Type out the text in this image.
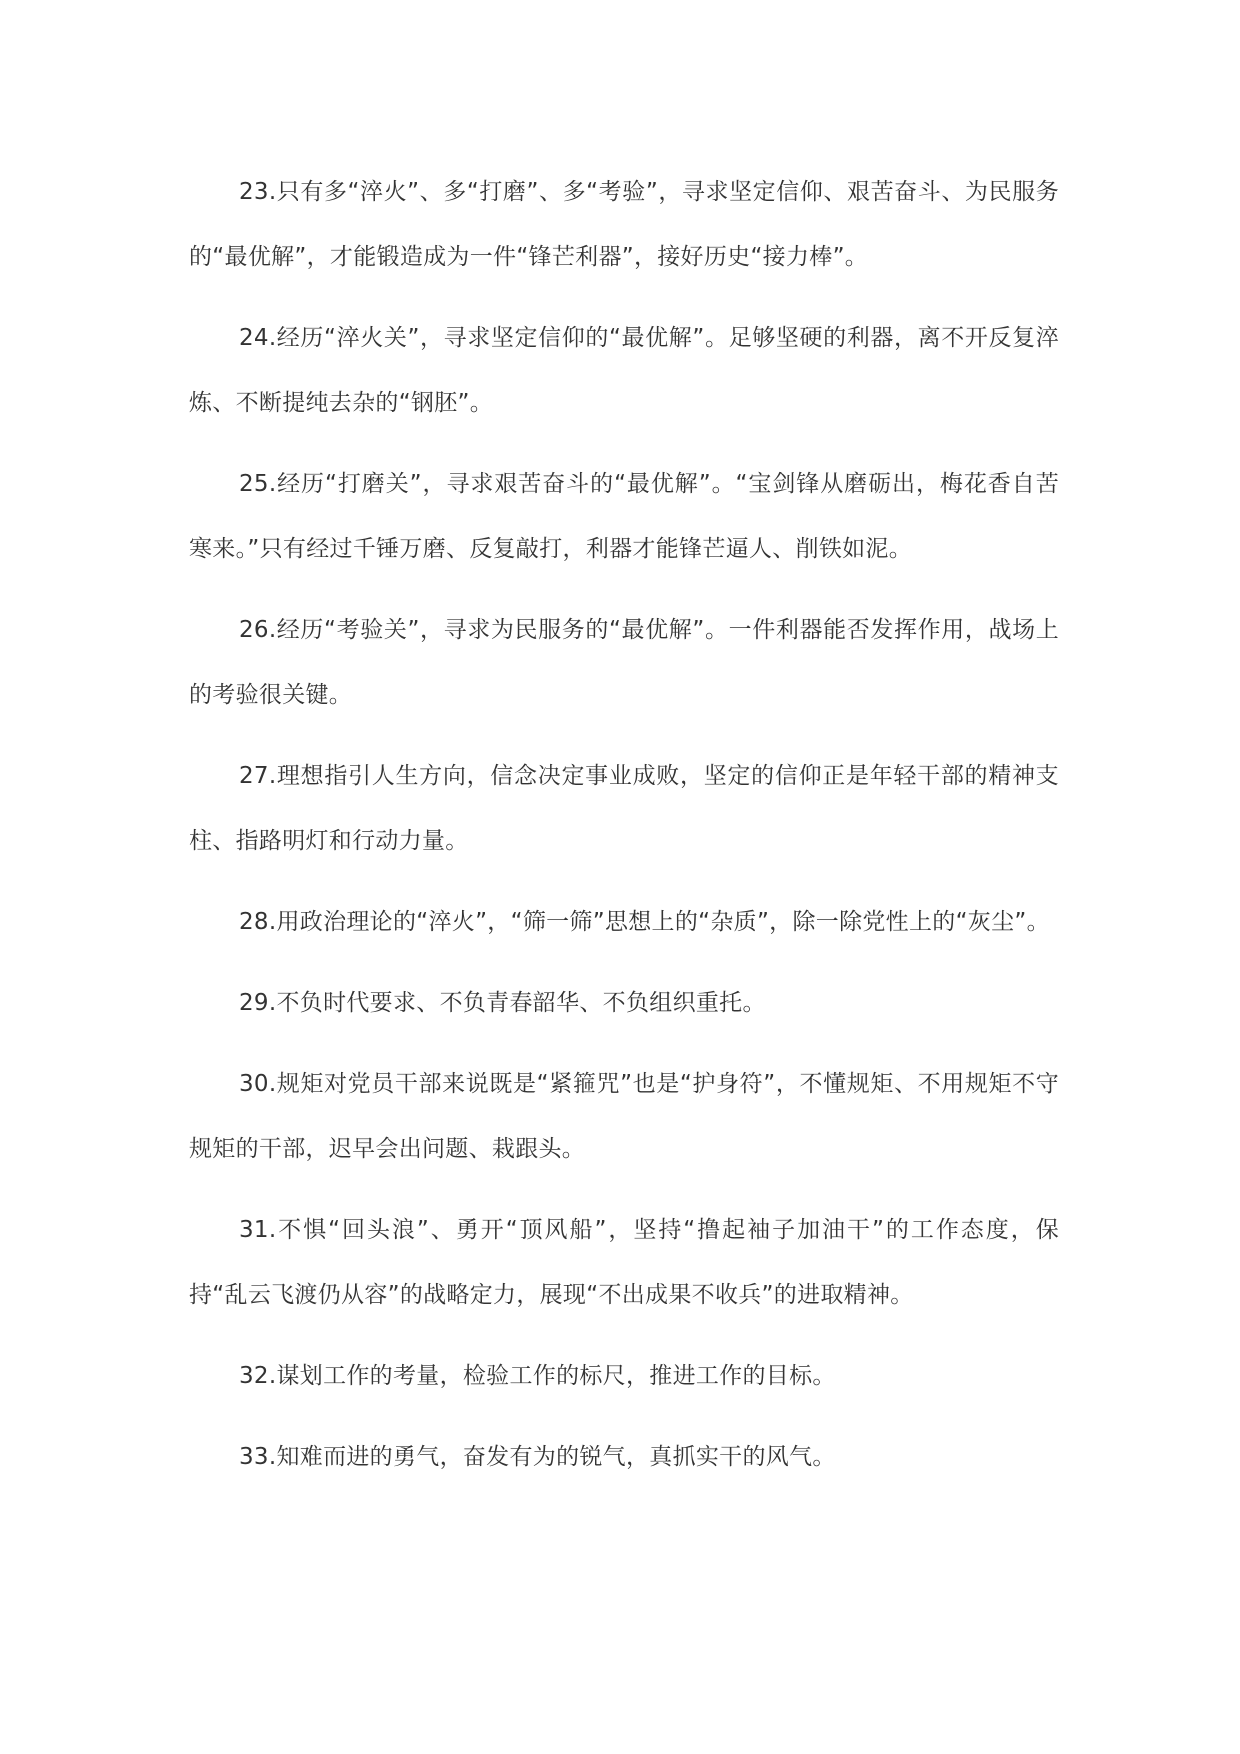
23.只有多“淬火”、多“打磨”、多“考验”，寻求坚定信仰、艰苦奋斗、为民服务的“最优解”，才能锻造成为一件“锋芒利器”，接好历史“接力棒”。

24.经历“淬火关”，寻求坚定信仰的“最优解”。足够坚硬的利器，离不开反复淬炼、不断提纯去杂的“钢胚”。

25.经历“打磨关”，寻求艰苦奋斗的“最优解”。“宝剑锋从磨砺出，梅花香自苦寒来。”只有经过千锤万磨、反复敲打，利器才能锋芒逼人、削铁如泥。

26.经历“考验关”，寻求为民服务的“最优解”。一件利器能否发挥作用，战场上的考验很关键。

27.理想指引人生方向，信念决定事业成败，坚定的信仰正是年轻干部的精神支柱、指路明灯和行动力量。

28.用政治理论的“淬火”，“筛一筛”思想上的“杂质”，除一除党性上的“灰尘”。

29.不负时代要求、不负青春韶华、不负组织重托。

30.规矩对党员干部来说既是“紧箍咒”也是“护身符”，不懂规矩、不用规矩不守规矩的干部，迟早会出问题、栽跟头。

31.不惧“回头浪”、勇开“顶风船”，坚持“撸起袖子加油干”的工作态度，保持“乱云飞渡仍从容”的战略定力，展现“不出成果不收兵”的进取精神。

32.谋划工作的考量，检验工作的标尺，推进工作的目标。

33.知难而进的勇气，奋发有为的锐气，真抓实干的风气。
